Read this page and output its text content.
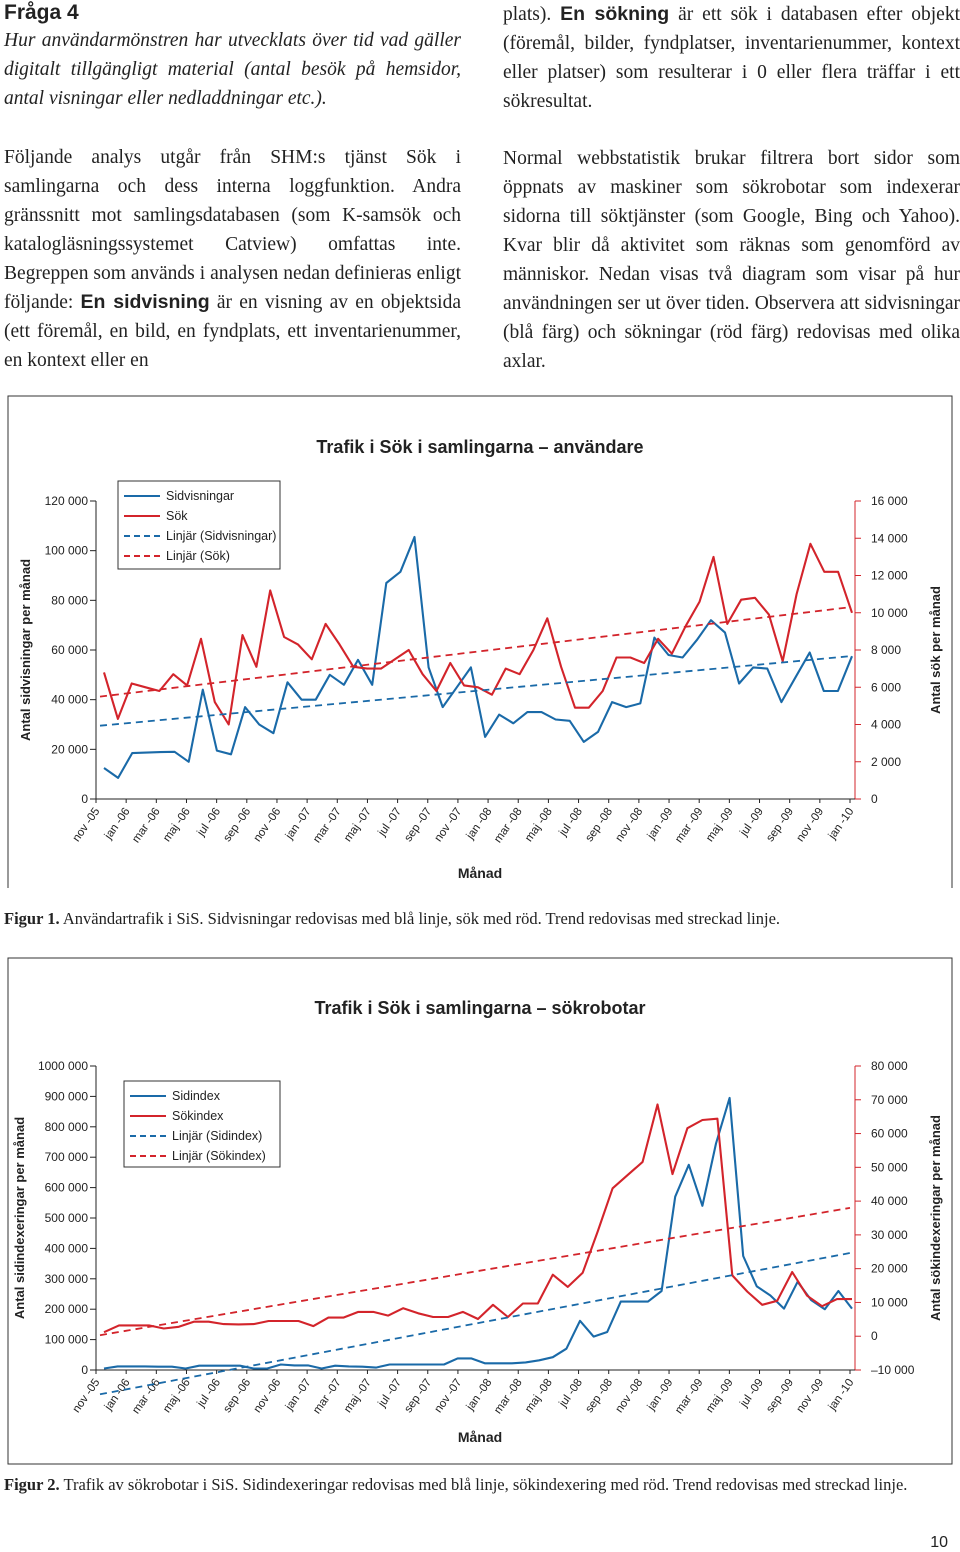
Fråga 4

Hur användarmönstren har utvecklats över tid vad gäller digitalt tillgängligt material (antal besök på hemsidor, antal visningar eller nedladdningar etc.).

Följande analys utgår från SHM:s tjänst Sök i samlingarna och dess interna loggfunktion. Andra gränssnitt mot samlingsdatabasen (som K-samsök och katalogläsningssystemet Catview) omfattas inte. Begreppen som används i analysen nedan definieras enligt följande: En sidvisning är en visning av en objektsida (ett föremål, en bild, en fyndplats, ett inventarienummer, en kontext eller en

plats). En sökning är ett sök i databasen efter objekt (föremål, bilder, fyndplatser, inventarienummer, kontext eller platser) som resulterar i 0 eller flera träffar i ett sökresultat.

Normal webbstatistik brukar filtrera bort sidor som öppnats av maskiner som sökrobotar som indexerar sidorna till söktjänster (som Google, Bing och Yahoo). Kvar blir då aktivitet som räknas som genomförd av människor. Nedan visas två diagram som visar på hur användningen ser ut över tiden. Observera att sidvisningar (blå färg) och sökningar (röd färg) redovisas med olika axlar.

Trafik i Sök i samlingarna – användare
0
20 000
40 000
60 000
80 000
100 000
120 000
0
2 000
4 000
6 000
8 000
10 000
12 000
14 000
16 000
nov -05 jan -06
mar -06
maj -06 jul -06
sep -06
nov -06 jan -07
mar -07
maj -07 jul -07
sep -07
nov -07 jan -08
mar -08
maj -08 jul -08
sep -08
nov -08 jan -09
mar -09
maj -09 jul -09
sep -09
nov -09 jan -10
Månad
Antal sidvisningar per månad	Antal sök per månad
Sidvisningar
Sök
Linjär (Sidvisningar)
Linjär (Sök)
Figur 1. Användartrafik i SiS. Sidvisningar redovisas med blå linje, sök med röd. Trend redovisas med streckad linje.
Trafik i Sök i samlingarna – sökrobotar
0
100 000
200 000
300 000
400 000
500 000
600 000
700 000
800 000
900 000
1000 000
–10 000
0
10 000
20 000
30 000
40 000
50 000
60 000
70 000
80 000
nov -05 jan -06
mar -06
maj -06 jul -06
sep -06
nov -06 jan -07
mar -07
maj -07 jul -07
sep -07
nov -07 jan -08
mar -08
maj -08 jul -08
sep -08
nov -08 jan -09
mar -09
maj -09 jul -09
sep -09
nov -09 jan -10
Månad
Antal sidindexeringar per månad	Antal sökindexeringar per månad
Sidindex
Sökindex
Linjär (Sidindex)
Linjär (Sökindex)
Figur 2. Trafik av sökrobotar i SiS. Sidindexeringar redovisas med blå linje, sökindexering med röd. Trend redovisas med streckad linje.
10
